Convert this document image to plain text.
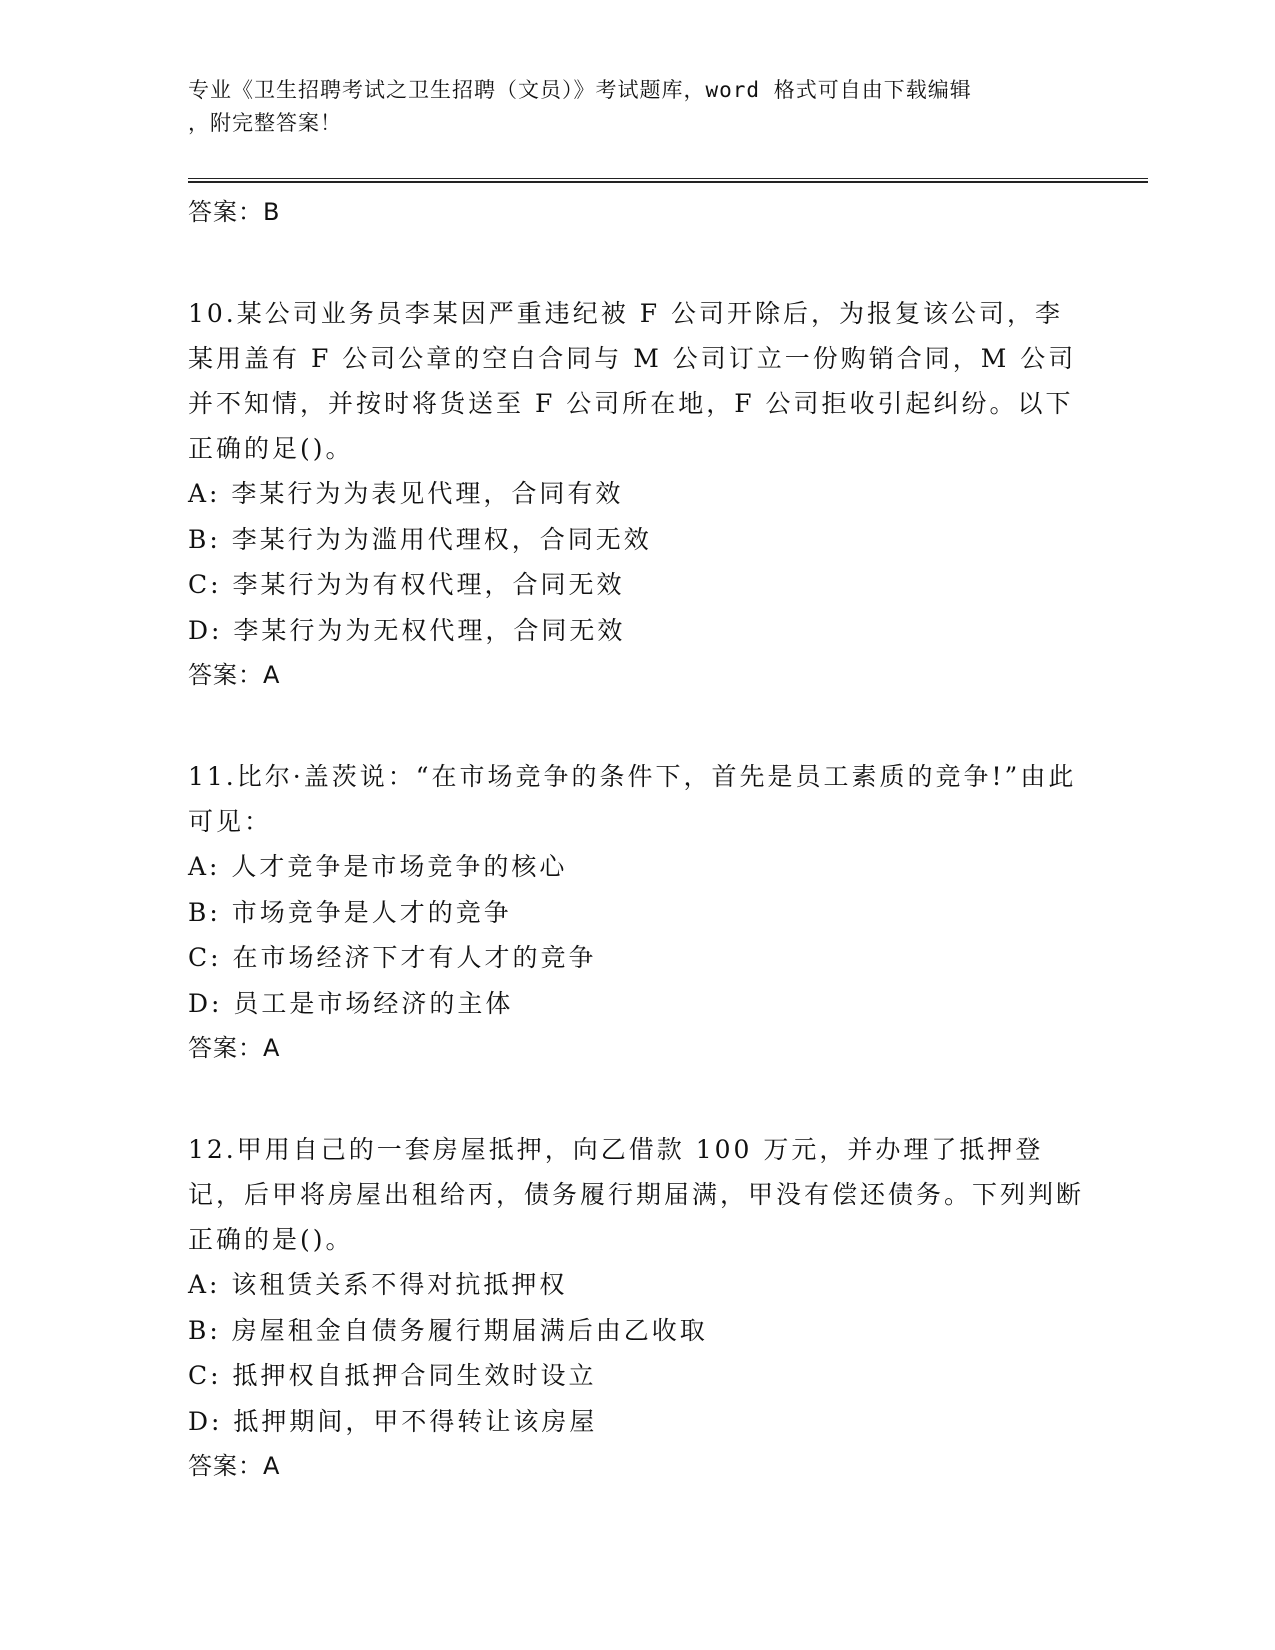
专业《卫生招聘考试之卫生招聘（文员）》考试题库，word 格式可自由下载编辑
，附完整答案！
答案：B

10.某公司业务员李某因严重违纪被 F 公司开除后，为报复该公司，李某用盖有 F 公司公章的空白合同与 M 公司订立一份购销合同，M 公司并不知情，并按时将货送至 F 公司所在地，F 公司拒收引起纠纷。以下正确的足()。

A: 李某行为为表见代理，合同有效
B: 李某行为为滥用代理权，合同无效
C: 李某行为为有权代理，合同无效
D: 李某行为为无权代理，合同无效
答案：A

11.比尔·盖茨说：“在市场竞争的条件下，首先是员工素质的竞争!”由此可见：

A: 人才竞争是市场竞争的核心
B: 市场竞争是人才的竞争
C: 在市场经济下才有人才的竞争
D: 员工是市场经济的主体
答案：A

12.甲用自己的一套房屋抵押，向乙借款 100 万元，并办理了抵押登记，后甲将房屋出租给丙，债务履行期届满，甲没有偿还债务。下列判断正确的是()。

A: 该租赁关系不得对抗抵押权
B: 房屋租金自债务履行期届满后由乙收取
C: 抵押权自抵押合同生效时设立
D: 抵押期间，甲不得转让该房屋
答案：A
